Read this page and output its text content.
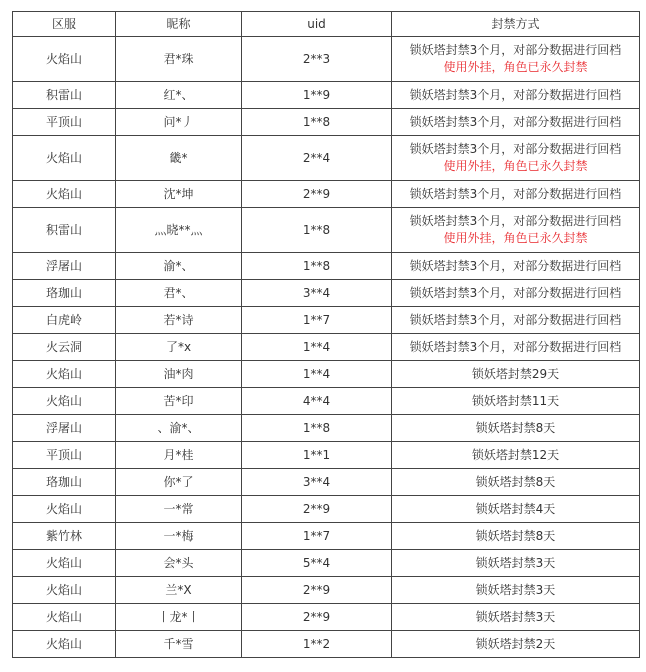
区服	昵称	uid	封禁方式
火焰山	君*珠	2**3	锁妖塔封禁3个月，对部分数据进行回档
使用外挂，角色已永久封禁

积雷山	红*、	1**9	锁妖塔封禁3个月，对部分数据进行回档

平顶山	问*丿	1**8	锁妖塔封禁3个月，对部分数据进行回档

火焰山	畿*	2**4	锁妖塔封禁3个月，对部分数据进行回档
使用外挂，角色已永久封禁

火焰山	沈*坤	2**9	锁妖塔封禁3个月，对部分数据进行回档

积雷山	灬晓**灬	1**8	锁妖塔封禁3个月，对部分数据进行回档
使用外挂，角色已永久封禁

浮屠山	渝*、	1**8	锁妖塔封禁3个月，对部分数据进行回档

珞珈山	君*、	3**4	锁妖塔封禁3个月，对部分数据进行回档

白虎岭	若*诗	1**7	锁妖塔封禁3个月，对部分数据进行回档

火云洞	了*x	1**4	锁妖塔封禁3个月，对部分数据进行回档

火焰山	油*肉	1**4	锁妖塔封禁29天

火焰山	苦*印	4**4	锁妖塔封禁11天

浮屠山	、渝*、	1**8	锁妖塔封禁8天

平顶山	月*桂	1**1	锁妖塔封禁12天

珞珈山	你*了	3**4	锁妖塔封禁8天

火焰山	一*常	2**9	锁妖塔封禁4天

紫竹林	一*梅	1**7	锁妖塔封禁8天

火焰山	会*头	5**4	锁妖塔封禁3天

火焰山	兰*X	2**9	锁妖塔封禁3天

火焰山	丨龙*丨	2**9	锁妖塔封禁3天

火焰山	千*雪	1**2	锁妖塔封禁2天
